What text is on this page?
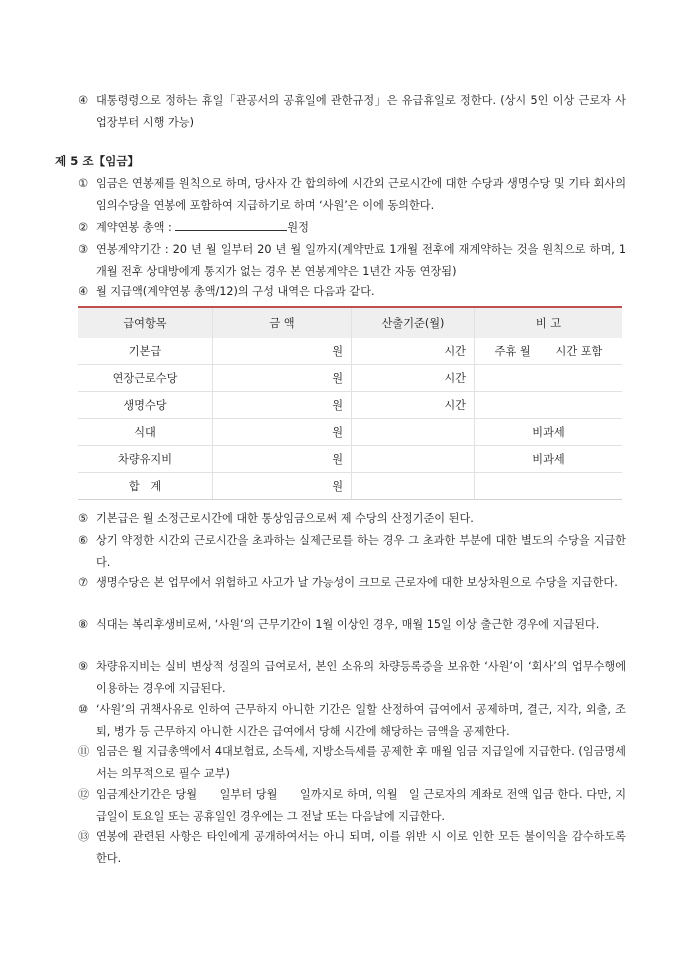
④ 대통령령으로 정하는 휴일「관공서의 공휴일에 관한규정」은 유급휴일로 정한다. (상시 5인 이상 근로자 사업장부터 시행 가능)
제 5 조【임금】
① 임금은 연봉제를 원칙으로 하며, 당사자 간 합의하에 시간외 근로시간에 대한 수당과 생명수당 및 기타 회사의 임의수당을 연봉에 포함하여 지급하기로 하며 ‘사원’은 이에 동의한다.
② 계약연봉 총액 :	원정
③ 연봉계약기간 : 20 년 월 일부터 20 년 월 일까지(계약만료 1개월 전후에 재계약하는 것을 원칙으로 하며, 1개월 전후 상대방에게 통지가 없는 경우 본 연봉계약은 1년간 자동 연장됨)
④ 월 지급액(계약연봉 총액/12)의 구성 내역은 다음과 같다.
급여항목	금 액	산출기준(월)	비 고
기본급	원	시간	주휴 월       시간 포함
연장근로수당	원	시간	
생명수당	원	시간	
식대	원		비과세
차량유지비	원		비과세
합   계	원		
⑤ 기본급은 월 소정근로시간에 대한 통상임금으로써 제 수당의 산정기준이 된다.
⑥ 상기 약정한 시간외 근로시간을 초과하는 실제근로를 하는 경우 그 초과한 부분에 대한 별도의 수당을 지급한다.
⑦ 생명수당은 본 업무에서 위험하고 사고가 날 가능성이 크므로 근로자에 대한 보상차원으로 수당을 지급한다.
⑧ 식대는 복리후생비로써, ‘사원’의 근무기간이 1월 이상인 경우, 매월 15일 이상 출근한 경우에 지급된다.
⑨ 차량유지비는 실비 변상적 성질의 급여로서, 본인 소유의 차량등록증을 보유한 ‘사원’이 ‘회사’의 업무수행에 이용하는 경우에 지급된다.
⑩ ‘사원’의 귀책사유로 인하여 근무하지 아니한 기간은 일할 산정하여 급여에서 공제하며, 결근, 지각, 외출, 조퇴, 병가 등 근무하지 아니한 시간은 급여에서 당해 시간에 해당하는 금액을 공제한다.
⑪ 임금은 월 지급총액에서 4대보험료, 소득세, 지방소득세를 공제한 후 매월 임금 지급일에 지급한다. (임금명세서는 의무적으로 필수 교부)
⑫ 임금계산기간은 당월      일부터 당월      일까지로 하며, 익월   일 근로자의 계좌로 전액 입금 한다. 다만, 지급일이 토요일 또는 공휴일인 경우에는 그 전날 또는 다음날에 지급한다.
⑬ 연봉에 관련된 사항은 타인에게 공개하여서는 아니 되며, 이를 위반 시 이로 인한 모든 불이익을 감수하도록 한다.
